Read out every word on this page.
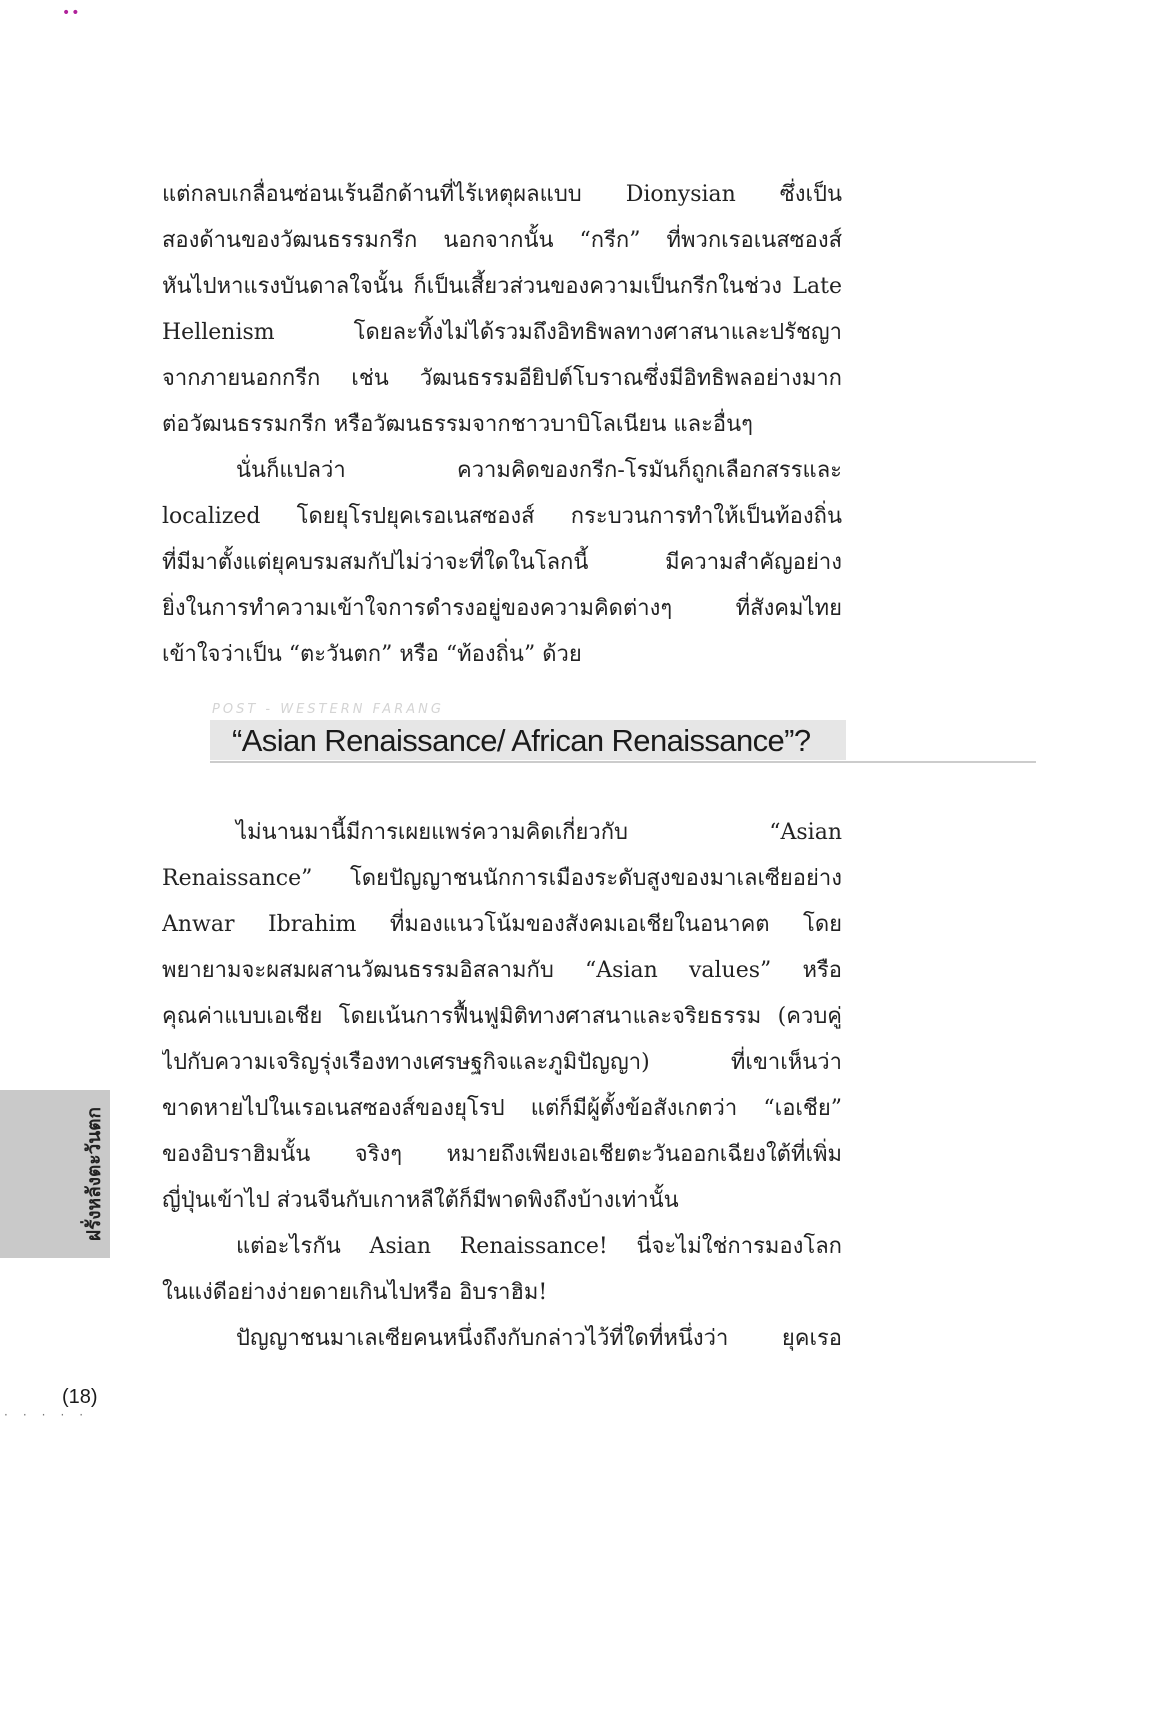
••

แต่กลบเกลื่อนซ่อนเร้นอีกด้านที่ไร้เหตุผลแบบ Dionysian ซึ่งเป็น

สองด้านของวัฒนธรรมกรีก นอกจากนั้น “กรีก” ที่พวกเรอเนสซองส์

หันไปหาแรงบันดาลใจนั้น ก็เป็นเสี้ยวส่วนของความเป็นกรีกในช่วง Late

Hellenism โดยละทิ้งไม่ได้รวมถึงอิทธิพลทางศาสนาและปรัชญา

จากภายนอกกรีก เช่น วัฒนธรรมอียิปต์โบราณซึ่งมีอิทธิพลอย่างมาก

ต่อวัฒนธรรมกรีก หรือวัฒนธรรมจากชาวบาบิโลเนียน และอื่นๆ

นั่นก็แปลว่า ความคิดของกรีก-โรมันก็ถูกเลือกสรรและ

localized โดยยุโรปยุคเรอเนสซองส์ กระบวนการทำให้เป็นท้องถิ่น

ที่มีมาตั้งแต่ยุคบรมสมกัปไม่ว่าจะที่ใดในโลกนี้ มีความสำคัญอย่าง

ยิ่งในการทำความเข้าใจการดำรงอยู่ของความคิดต่างๆ ที่สังคมไทย

เข้าใจว่าเป็น “ตะวันตก” หรือ “ท้องถิ่น” ด้วย

POST - WESTERN FARANG
“Asian Renaissance/ African Renaissance”?

ไม่นานมานี้มีการเผยแพร่ความคิดเกี่ยวกับ “Asian

Renaissance” โดยปัญญาชนนักการเมืองระดับสูงของมาเลเซียอย่าง

Anwar Ibrahim ที่มองแนวโน้มของสังคมเอเชียในอนาคต โดย

พยายามจะผสมผสานวัฒนธรรมอิสลามกับ “Asian values” หรือ

คุณค่าแบบเอเชีย โดยเน้นการฟื้นฟูมิติทางศาสนาและจริยธรรม (ควบคู่

ไปกับความเจริญรุ่งเรืองทางเศรษฐกิจและภูมิปัญญา) ที่เขาเห็นว่า

ขาดหายไปในเรอเนสซองส์ของยุโรป แต่ก็มีผู้ตั้งข้อสังเกตว่า “เอเชีย”

ของอิบราฮิมนั้น จริงๆ หมายถึงเพียงเอเชียตะวันออกเฉียงใต้ที่เพิ่ม

ญี่ปุ่นเข้าไป ส่วนจีนกับเกาหลีใต้ก็มีพาดพิงถึงบ้างเท่านั้น

แต่อะไรกัน Asian Renaissance! นี่จะไม่ใช่การมองโลก

ในแง่ดีอย่างง่ายดายเกินไปหรือ อิบราฮิม!

ปัญญาชนมาเลเซียคนหนึ่งถึงกับกล่าวไว้ที่ใดที่หนึ่งว่า ยุคเรอ

ฝรั่งหลังตะวันตก
(18)
·····
